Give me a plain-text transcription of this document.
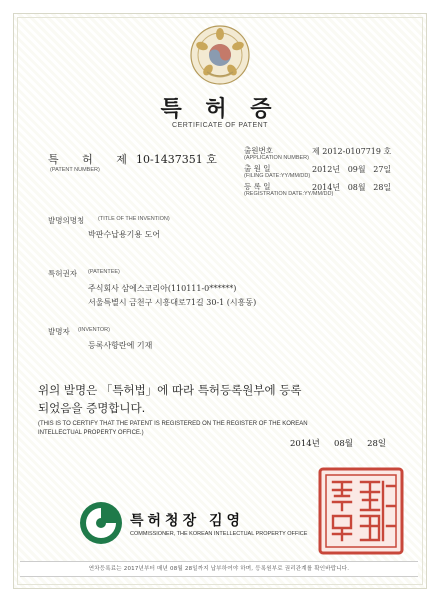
특 허 증
CERTIFICATE OF PATENT
특 허 제 10-1437351 호
(PATENT NUMBER)
출원번호
(APPLICATION NUMBER)
제 2012-0107719 호
출 원 일
(FILING DATE:YY/MM/DD)
2012년   09월   27일
등 록 일
(REGISTRATION DATE:YY/MM/DD)
2014년   08월   28일
발명의명칭	(TITLE OF THE INVENTION)
박판수납용기용 도어
특허권자 (PATENTEE)
주식회사 삼에스코리아(110111-0******)
서울특별시 금천구 시흥대로71길 30-1 (시흥동)
발명자 (INVENTOR)
등록사항란에 기재
위의 발명은 「특허법」에 따라 특허등록원부에 등록
되었음을 증명합니다.
(THIS IS TO CERTIFY THAT THE PATENT IS REGISTERED ON THE REGISTER OF THE KOREAN
INTELLECTUAL PROPERTY OFFICE.)
2014년   08월   28일
특허청장 김영
COMMISSIONER, THE KOREAN INTELLECTUAL PROPERTY OFFICE
연차등록료는 2017년부터 매년 08월 28일까지 납부하여야 하며, 등록원부로 권리관계를 확인바랍니다.
